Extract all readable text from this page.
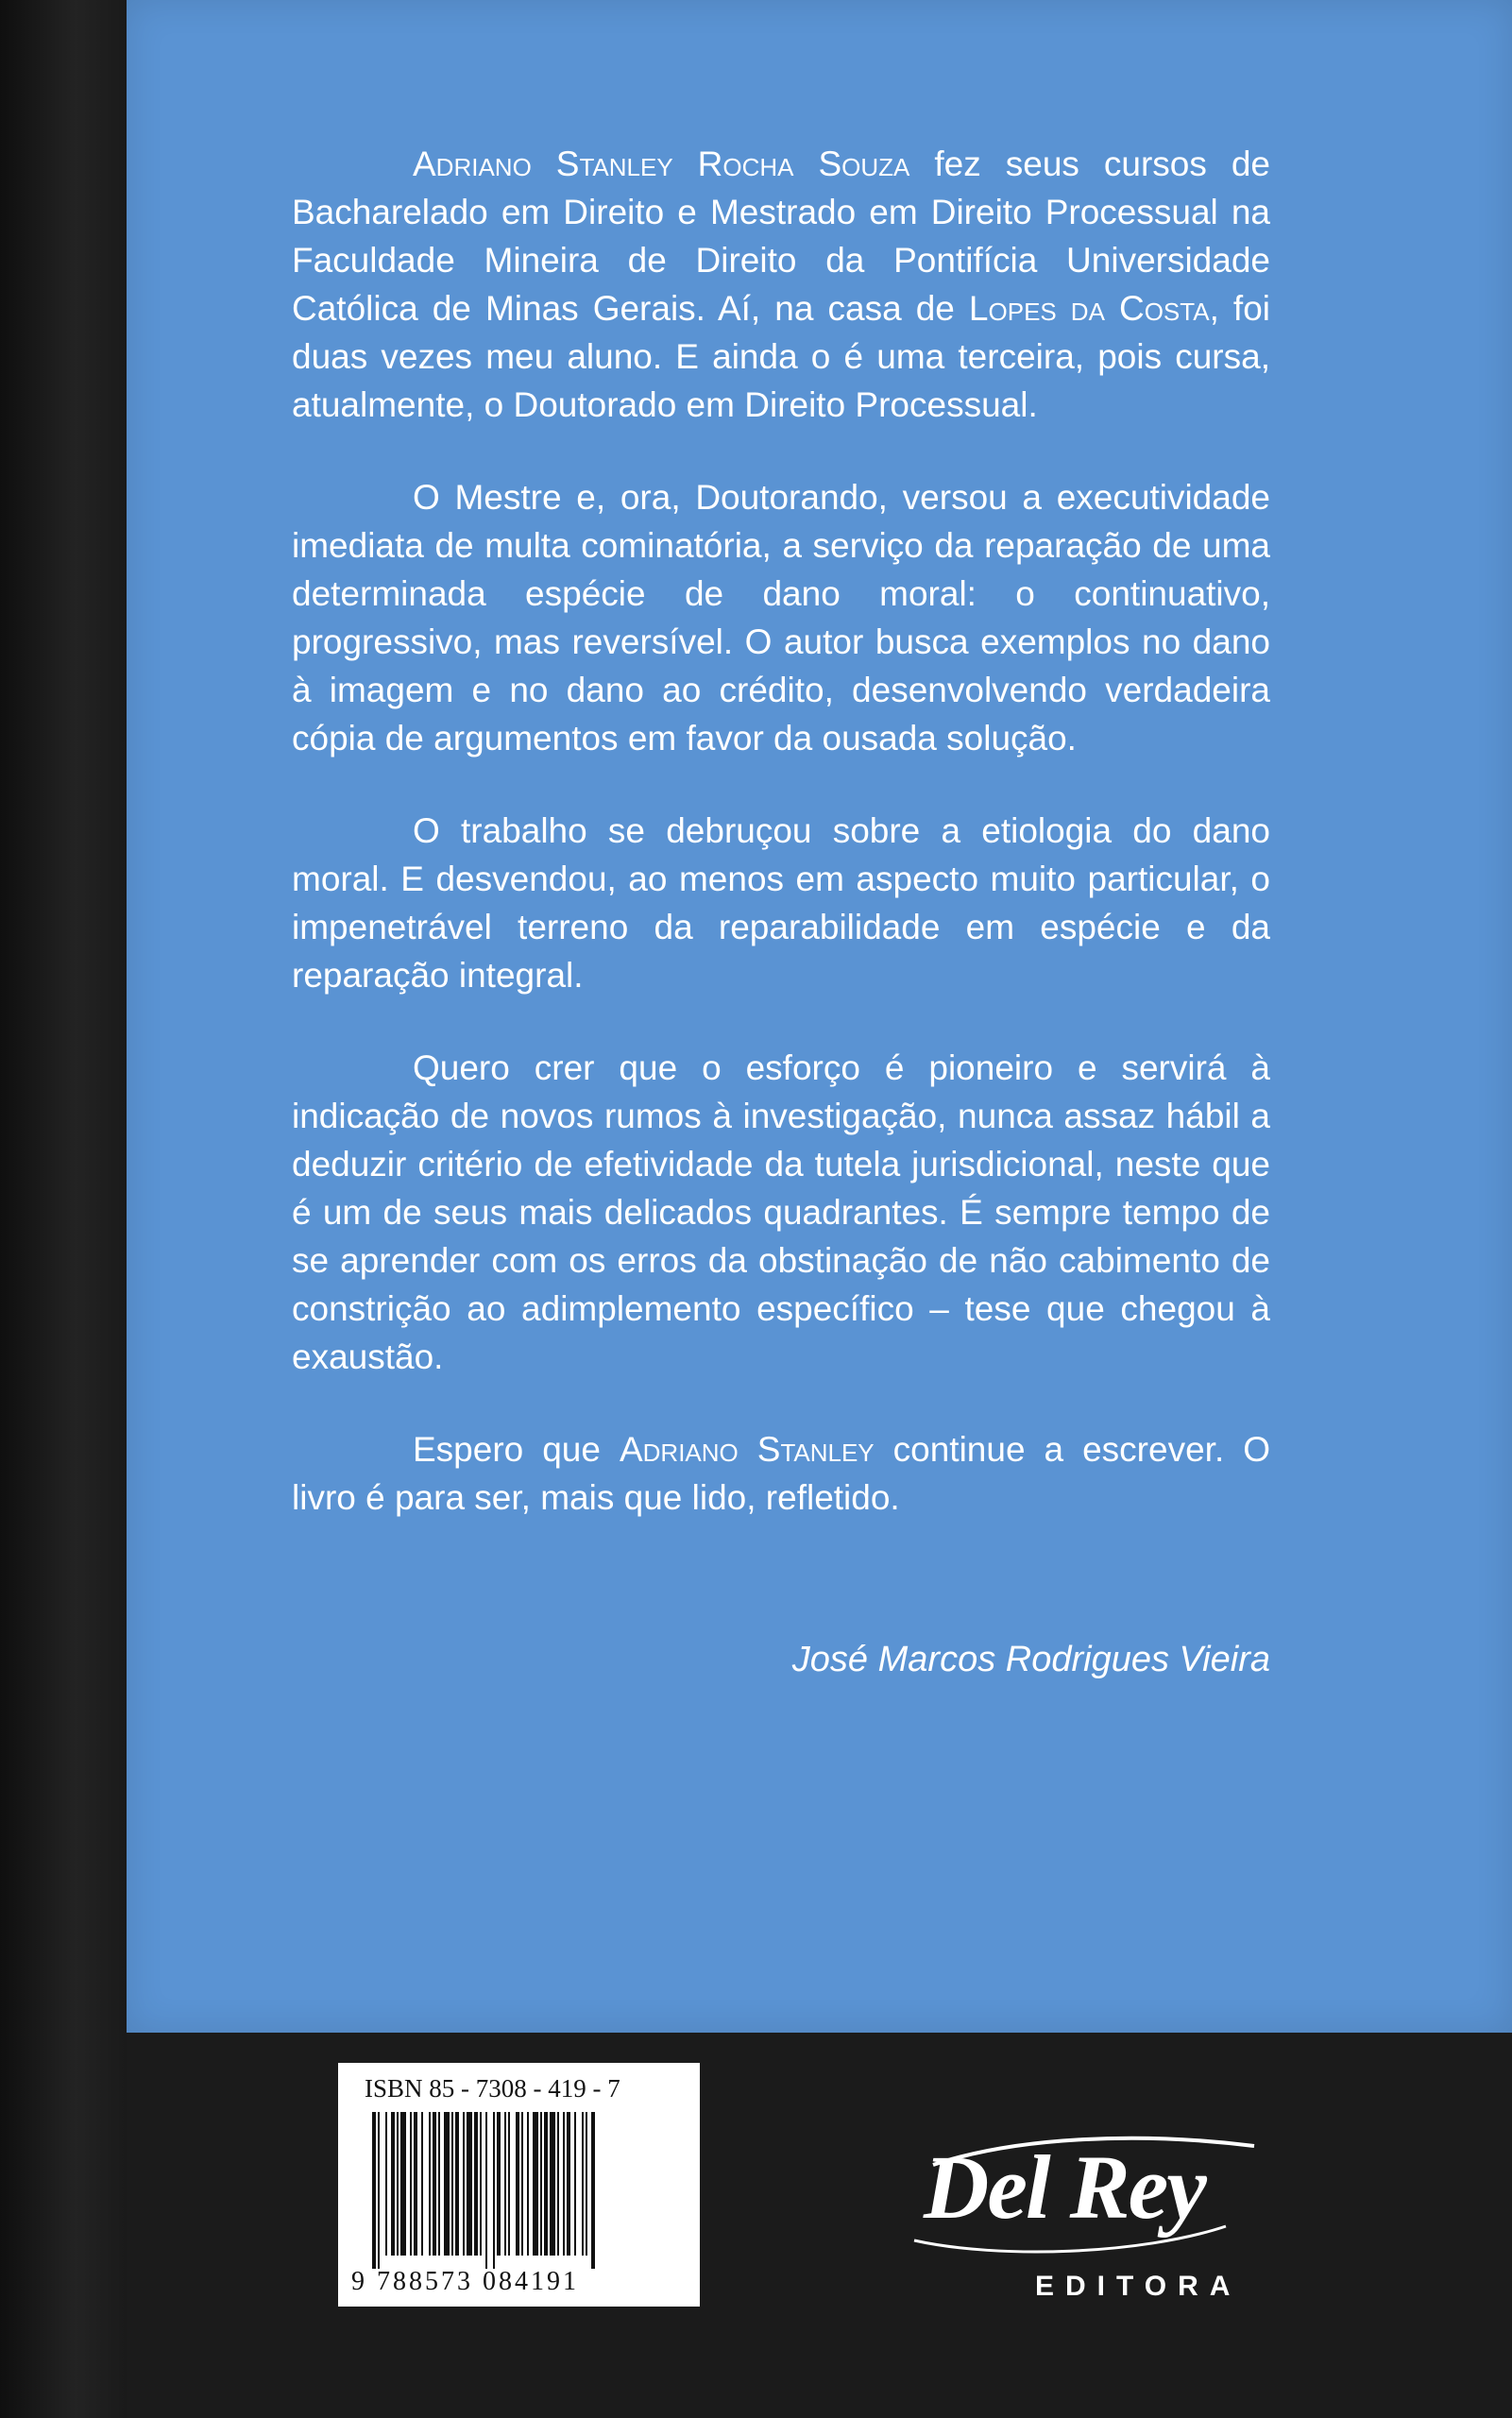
Adriano Stanley Rocha Souza fez seus cursos de Bacharelado em Direito e Mestrado em Direito Processual na Faculdade Mineira de Direito da Pontifícia Universidade Católica de Minas Gerais. Aí, na casa de Lopes da Costa, foi duas vezes meu aluno. E ainda o é uma terceira, pois cursa, atualmente, o Doutorado em Direito Processual.

O Mestre e, ora, Doutorando, versou a executividade imediata de multa cominatória, a serviço da reparação de uma determinada espécie de dano moral: o continuativo, progressivo, mas reversível. O autor busca exemplos no dano à imagem e no dano ao crédito, desenvolvendo verdadeira cópia de argumentos em favor da ousada solução.

O trabalho se debruçou sobre a etiologia do dano moral. E desvendou, ao menos em aspecto muito particular, o impenetrável terreno da reparabilidade em espécie e da reparação integral.

Quero crer que o esforço é pioneiro e servirá à indicação de novos rumos à investigação, nunca assaz hábil a deduzir critério de efetividade da tutela jurisdicional, neste que é um de seus mais delicados quadrantes. É sempre tempo de se aprender com os erros da obstinação de não cabimento de constrição ao adimplemento específico – tese que chegou à exaustão.

Espero que Adriano Stanley continue a escrever. O livro é para ser, mais que lido, refletido.

José Marcos Rodrigues Vieira
ISBN 85 - 7308 - 419 - 7
9 788573 084191
Del Rey
EDITORA
